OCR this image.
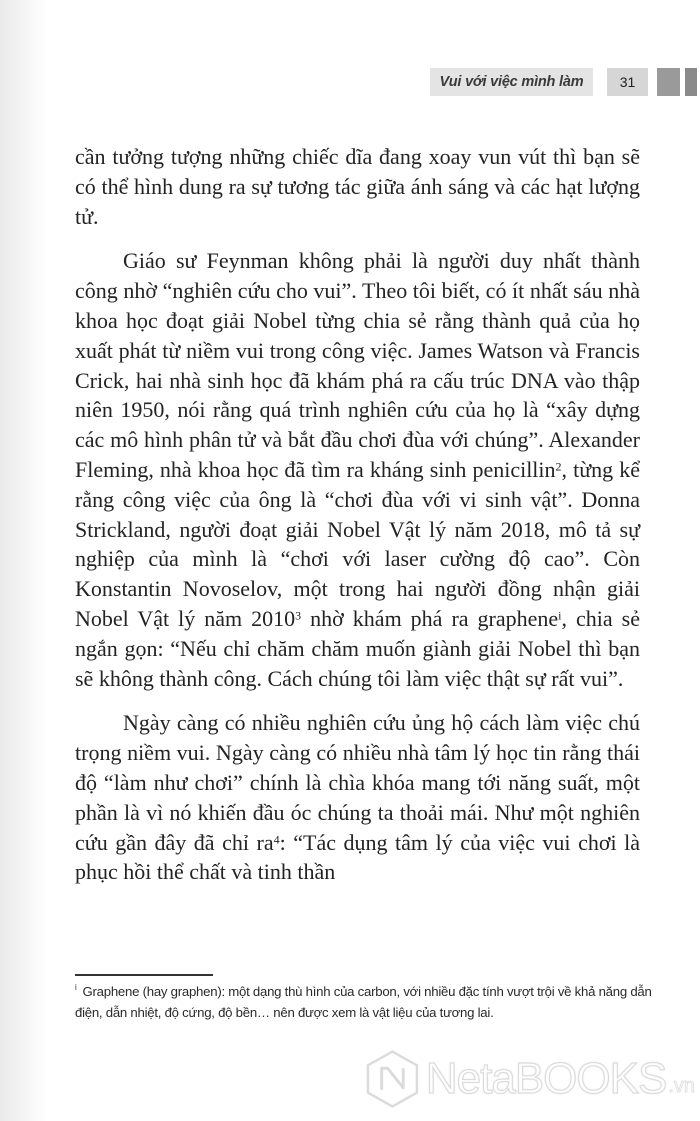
Vui với việc mình làm	31

cần tưởng tượng những chiếc dĩa đang xoay vun vút thì bạn sẽ có thể hình dung ra sự tương tác giữa ánh sáng và các hạt lượng tử.

Giáo sư Feynman không phải là người duy nhất thành công nhờ “nghiên cứu cho vui”. Theo tôi biết, có ít nhất sáu nhà khoa học đoạt giải Nobel từng chia sẻ rằng thành quả của họ xuất phát từ niềm vui trong công việc. James Watson và Francis Crick, hai nhà sinh học đã khám phá ra cấu trúc DNA vào thập niên 1950, nói rằng quá trình nghiên cứu của họ là “xây dựng các mô hình phân tử và bắt đầu chơi đùa với chúng”. Alexander Fleming, nhà khoa học đã tìm ra kháng sinh penicillin$^2$, từng kể rằng công việc của ông là “chơi đùa với vi sinh vật”. Donna Strickland, người đoạt giải Nobel Vật lý năm 2018, mô tả sự nghiệp của mình là “chơi với laser cường độ cao”. Còn Konstantin Novoselov, một trong hai người đồng nhận giải Nobel Vật lý năm 2010$^3$ nhờ khám phá ra graphene$^i$, chia sẻ ngắn gọn: “Nếu chỉ chăm chăm muốn giành giải Nobel thì bạn sẽ không thành công. Cách chúng tôi làm việc thật sự rất vui”.

Ngày càng có nhiều nghiên cứu ủng hộ cách làm việc chú trọng niềm vui. Ngày càng có nhiều nhà tâm lý học tin rằng thái độ “làm như chơi” chính là chìa khóa mang tới năng suất, một phần là vì nó khiến đầu óc chúng ta thoải mái. Như một nghiên cứu gần đây đã chỉ $ra^4$: “Tác dụng tâm lý của việc vui chơi là phục hồi thể chất và tinh thần

$^i$ Graphene (hay graphen): một dạng thù hình của carbon, với nhiều đặc tính vượt trội về khả năng dẫn điện, dẫn nhiệt, độ cứng, độ bền… nên được xem là vật liệu của tương lai.
NetaBOOKS .vn
